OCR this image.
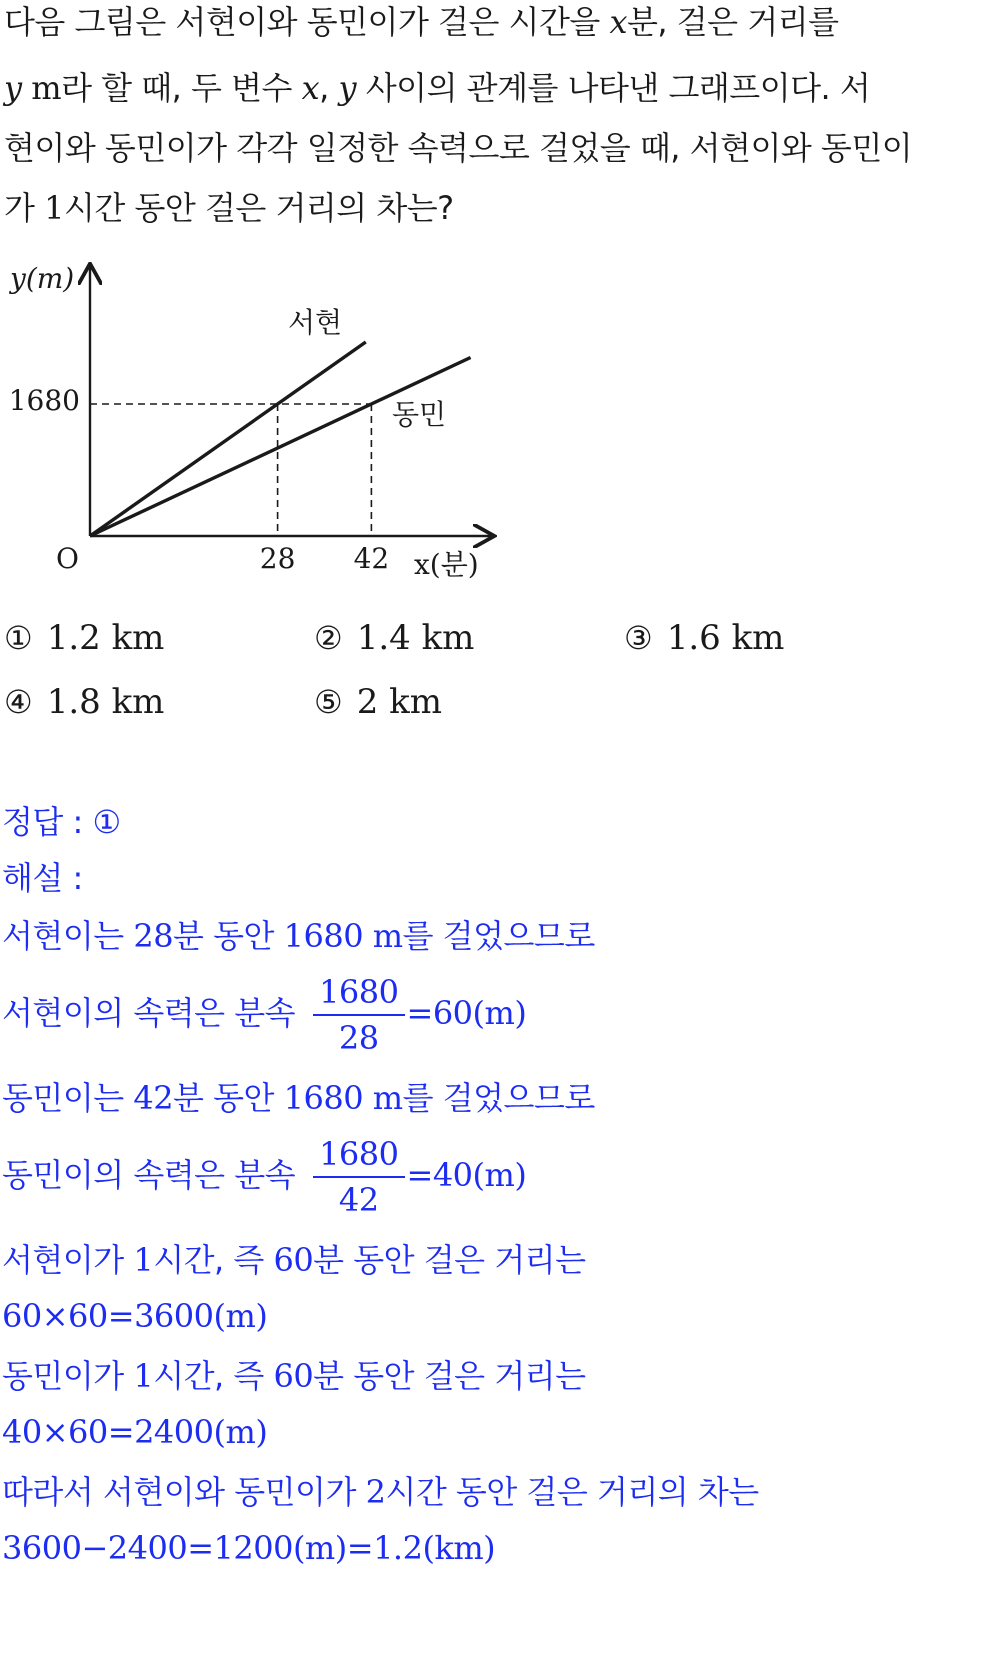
다음 그림은 서현이와 동민이가 걸은 시간을 x분, 걸은 거리를
y m라 할 때, 두 변수 x, y 사이의 관계를 나타낸 그래프이다. 서
현이와 동민이가 각각 일정한 속력으로 걸었을 때, 서현이와 동민이
가 1시간 동안 걸은 거리의 차는?
y(m)
x(분)
O
1680
28 42
서현
동민
① 1.2 km	② 1.4 km	③ 1.6 km
④ 1.8 km	⑤ 2 km
정답 : ①
해설 :
서현이는 28분 동안 1680 m를 걸었으므로
서현이의 속력은 분속 $\frac{1680}{28} =60(m)$
동민이는 42분 동안 1680 m를 걸었으므로
동민이의 속력은 분속 $\frac{1680}{42} =40(m)$
서현이가 1시간, 즉 60분 동안 걸은 거리는
60×60=3600(m)
동민이가 1시간, 즉 60분 동안 걸은 거리는
40×60=2400(m)
따라서 서현이와 동민이가 2시간 동안 걸은 거리의 차는
3600−2400=1200(m)=1.2(km)
